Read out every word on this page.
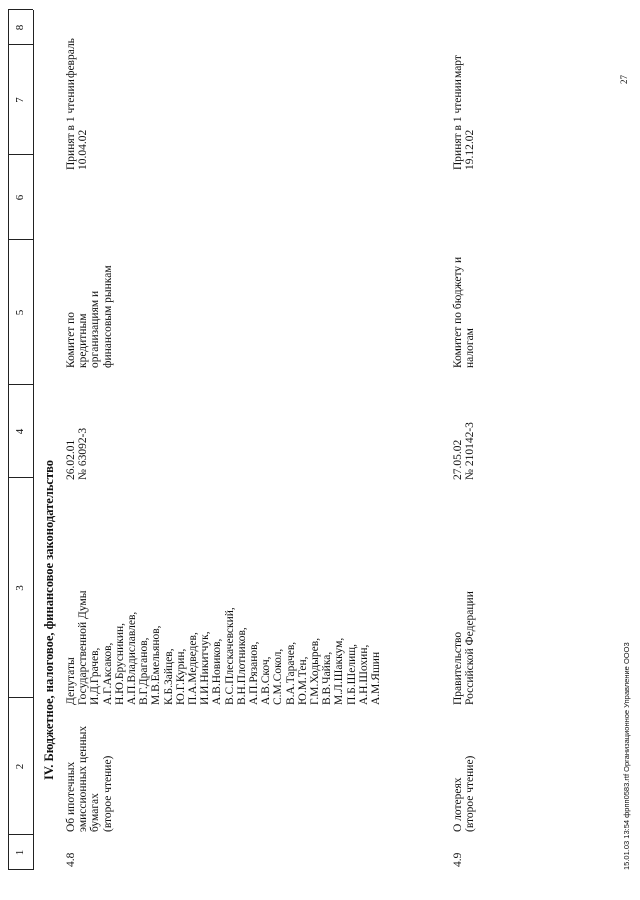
1
2
3
4
5
6
7
8
IV. Бюджетное, налоговое, финансовое законодательство
4.8
Об ипотечных эмиссионных ценных бумагах (второе чтение)
Депутаты Государственной Думы И.Д.Грачев, А.Г.Аксаков, Н.Ю.Брусникин, А.П.Владиславлев, В.Г.Драганов, М.В.Емельянов, К.Б.Зайцев, Ю.Г.Курин, П.А.Медведев, И.И.Никитчук, А.В.Новиков, В.С.Плескачевский, В.Н.Плотников, А.П.Рязанов, А.В.Скоч, С.М.Сокол, В.А.Тарачев, Ю.М.Тен, Г.М.Ходырев, В.В.Чайка, М.Л.Шаккум, П.Б.Шелищ, А.Н.Шохин, А.М.Яшин
26.02.01 № 63092-3
Комитет по кредитным организациям и финансовым рынкам
Принят в 1 чтении 10.04.02
февраль
4.9
О лотереях (второе чтение)
Правительство Российской Федерации
27.05.02 № 210142-3
Комитет по бюджету и налогам
Принят в 1 чтении 19.12.02
март
15.01.03 13:54 фрпп0583.rtf Организационное Управление ООО3
27
